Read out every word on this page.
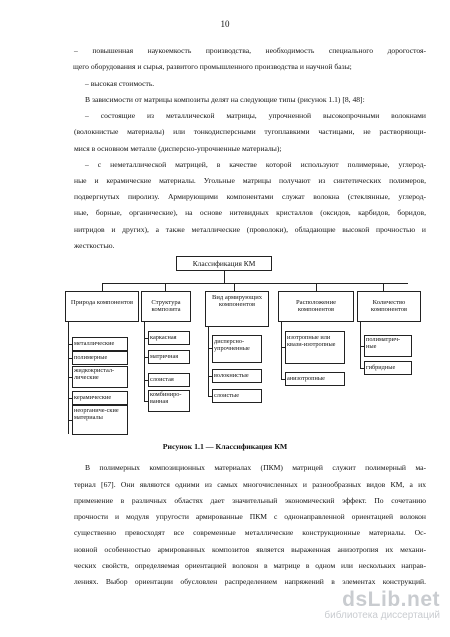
10
– повышенная наукоемкость производства, необходимость специального дорогостоя-
щего оборудования и сырья, развитого промышленного производства и научной базы;
– высокая стоимость.
В зависимости от матрицы композиты делят на следующие типы (рисунок 1.1) [8, 48]:
– состоящие из металлической матрицы, упрочненной высокопрочными волокнами
(волокнистые материалы) или тонкодисперсными тугоплавкими частицами, не растворяющи-
мися в основном металле (дисперсно-упрочненные материалы);
– с неметаллической матрицей, в качестве которой используют полимерные, углерод-
ные и керамические материалы. Угольные матрицы получают из синтетических полимеров,
подвергнутых пиролизу. Армирующими компонентами служат волокна (стеклянные, углерод-
ные, борные, органические), на основе нитевидных кристаллов (оксидов, карбидов, боридов,
нитридов и других), а также металлические (проволоки), обладающие высокой прочностью и
жесткостью.
Классификация КМ
Природа компонентов
металлические
полимерные
жидкокристал-лические
керамические
неорганиче-ские материалы
Структура композита
каркасная
матричная
слоистая
комбиниро-ванная
Вид армирующих компонентов
дисперсно-упрочненные
волокнистые
слоистые
Расположение компонентов
изотропные или квази-изотропные
анизотропные
Количество компонентов
полиматрич-ные
гибридные
Рисунок 1.1 — Классификация КМ
В полимерных композиционных материалах (ПКМ) матрицей служит полимерный ма-
териал [67]. Они являются одними из самых многочисленных и разнообразных видов КМ, а их
применение в различных областях дает значительный экономический эффект. По сочетанию
прочности и модуля упругости армированные ПКМ с однонаправленной ориентацией волокон
существенно превосходят все современные металлические конструкционные материалы. Ос-
новной особенностью армированных композитов является выраженная анизотропия их механи-
ческих свойств, определяемая ориентацией волокон в матрице в одном или нескольких направ-
лениях. Выбор ориентации обусловлен распределением напряжений в элементах конструкций.
dsLib.net
библиотека диссертаций
